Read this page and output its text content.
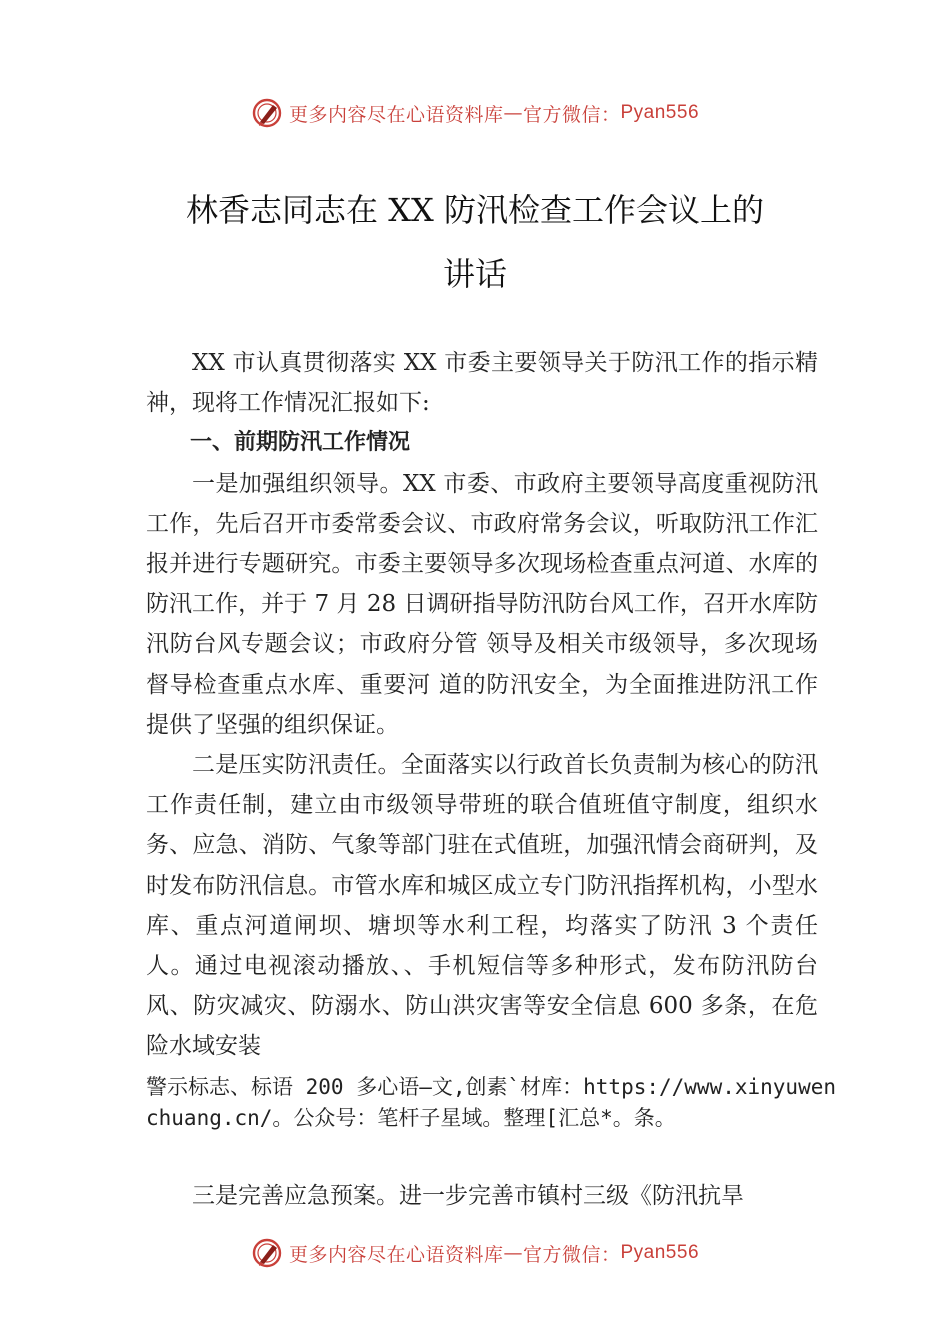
更多内容尽在心语资料库 — 官方微信： Pyan556
林香志同志在 XX 防汛检查工作会议上的
讲话

XX 市认真贯彻落实 XX 市委主要领导关于防汛工作的指示精神，现将工作情况汇报如下:

一、前期防汛工作情况

一是加强组织领导。XX 市委、市政府主要领导高度重视防汛工作，先后召开市委常委会议、市政府常务会议，听取防汛工作汇报并进行专题研究。市委主要领导多次现场检查重点河道、水库的防汛工作，并于 7 月 28 日调研指导防汛防台风工作，召开水库防汛防台风专题会议；市政府分管 领导及相关市级领导，多次现场督导检查重点水库、重要河 道的防汛安全，为全面推进防汛工作提供了坚强的组织保证。

二是压实防汛责任。全面落实以行政首长负责制为核心的防汛工作责任制，建立由市级领导带班的联合值班值守制度，组织水务、应急、消防、气象等部门驻在式值班，加强汛情会商研判，及时发布防汛信息。市管水库和城区成立专门防汛指挥机构，小型水库、重点河道闸坝、塘坝等水利工程，均落实了防汛 3 个责任人。通过电视滚动播放、、手机短信等多种形式，发布防汛防台风、防灾减灾、防溺水、防山洪灾害等安全信息 600 多条，在危险水域安装

警示标志、标语 200 多心语—文,创素`材库：https://www.xinyuwenchuang.cn/。公众号：笔杆子星域。整理[汇总*。条。

三是完善应急预案。进一步完善市镇村三级《防汛抗旱

更多内容尽在心语资料库 — 官方微信： Pyan556
